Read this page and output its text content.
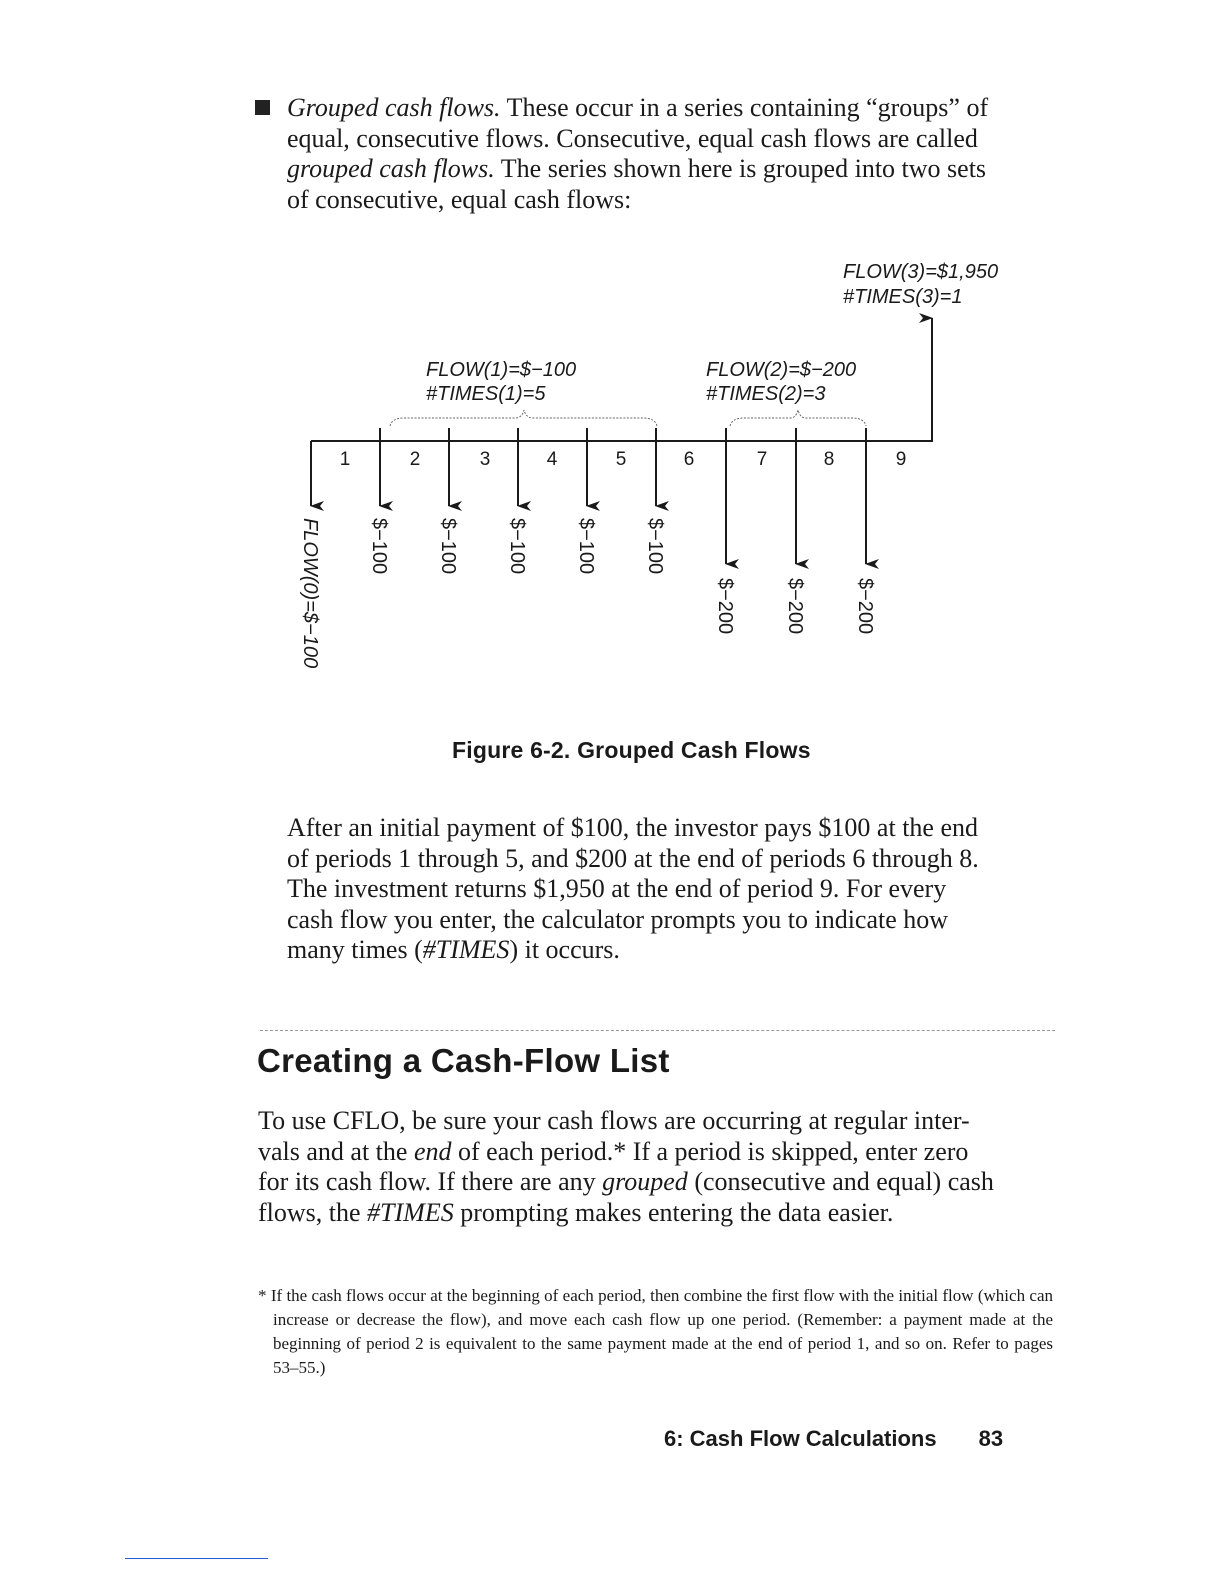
Grouped cash flows. These occur in a series containing “groups” of
equal, consecutive flows. Consecutive, equal cash flows are called
grouped cash flows. The series shown here is grouped into two sets
of consecutive, equal cash flows:
FLOW(1)=$−100
#TIMES(1)=5
FLOW(2)=$−200
#TIMES(2)=3
FLOW(3)=$1,950
#TIMES(3)=1
1	2	3	4	5	6	7	8	9
FLOW(0)=$−100 $−100 $−100 $−100 $−100 $−100
$−200 $−200 $−200
Figure 6-2. Grouped Cash Flows
After an initial payment of $100, the investor pays $100 at the end
of periods 1 through 5, and $200 at the end of periods 6 through 8.
The investment returns $1,950 at the end of period 9. For every
cash flow you enter, the calculator prompts you to indicate how
many times (#TIMES) it occurs.
Creating a Cash-Flow List
To use CFLO, be sure your cash flows are occurring at regular inter-
vals and at the end of each period.* If a period is skipped, enter zero
for its cash flow. If there are any grouped (consecutive and equal) cash
flows, the #TIMES prompting makes entering the data easier.
* If the cash flows occur at the beginning of each period, then combine the first flow with the initial flow (which can increase or decrease the flow), and move each cash flow up one period. (Remember: a payment made at the beginning of period 2 is equivalent to the same payment made at the end of period 1, and so on. Refer to pages 53–55.)
6: Cash Flow Calculations 83
